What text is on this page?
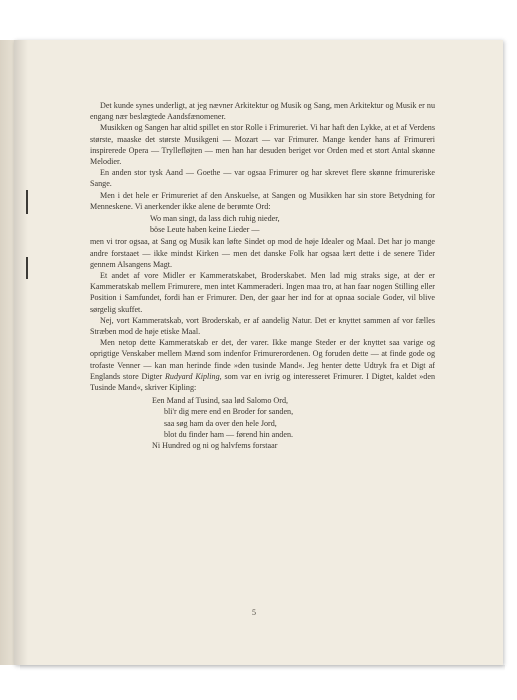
Det kunde synes underligt, at jeg nævner Arkitektur og Musik og Sang, men Arkitektur og Musik er nu engang nær beslægtede Aandsfænomener.

Musikken og Sangen har altid spillet en stor Rolle i Frimureriet. Vi har haft den Lykke, at et af Verdens største, maaske det største Musikgeni — Mozart — var Frimurer. Mange kender hans af Frimureri inspirerede Opera — Tryllefløjten — men han har desuden beriget vor Orden med et stort Antal skønne Melodier.

En anden stor tysk Aand — Goethe — var ogsaa Frimurer og har skrevet flere skønne frimureriske Sange.

Men i det hele er Frimureriet af den Anskuelse, at Sangen og Musikken har sin store Betydning for Menneskene. Vi anerkender ikke alene de berømte Ord:

Wo man singt, da lass dich ruhig nieder,
böse Leute haben keine Lieder —

men vi tror ogsaa, at Sang og Musik kan løfte Sindet op mod de høje Idealer og Maal. Det har jo mange andre forstaaet — ikke mindst Kirken — men det danske Folk har ogsaa lært dette i de senere Tider gennem Alsangens Magt.

Et andet af vore Midler er Kammeratskabet, Broderskabet. Men lad mig straks sige, at der er Kammeratskab mellem Frimurere, men intet Kammeraderi. Ingen maa tro, at han faar nogen Stilling eller Position i Samfundet, fordi han er Frimurer. Den, der gaar her ind for at opnaa sociale Goder, vil blive sørgelig skuffet.

Nej, vort Kammeratskab, vort Broderskab, er af aandelig Natur. Det er knyttet sammen af vor fælles Stræben mod de høje etiske Maal.

Men netop dette Kammeratskab er det, der varer. Ikke mange Steder er der knyttet saa varige og oprigtige Venskaber mellem Mænd som indenfor Frimurerordenen. Og foruden dette — at finde gode og trofaste Venner — kan man herinde finde »den tusinde Mand«. Jeg henter dette Udtryk fra et Digt af Englands store Digter Rudyard Kipling, som var en ivrig og interesseret Frimurer. I Digtet, kaldet »den Tusinde Mand«, skriver Kipling:

Een Mand af Tusind, saa lød Salomo Ord,
bli'r dig mere end en Broder for sanden,
saa søg ham da over den hele Jord,
blot du finder ham — førend hin anden.
Ni Hundred og ni og halvfems forstaar
5
